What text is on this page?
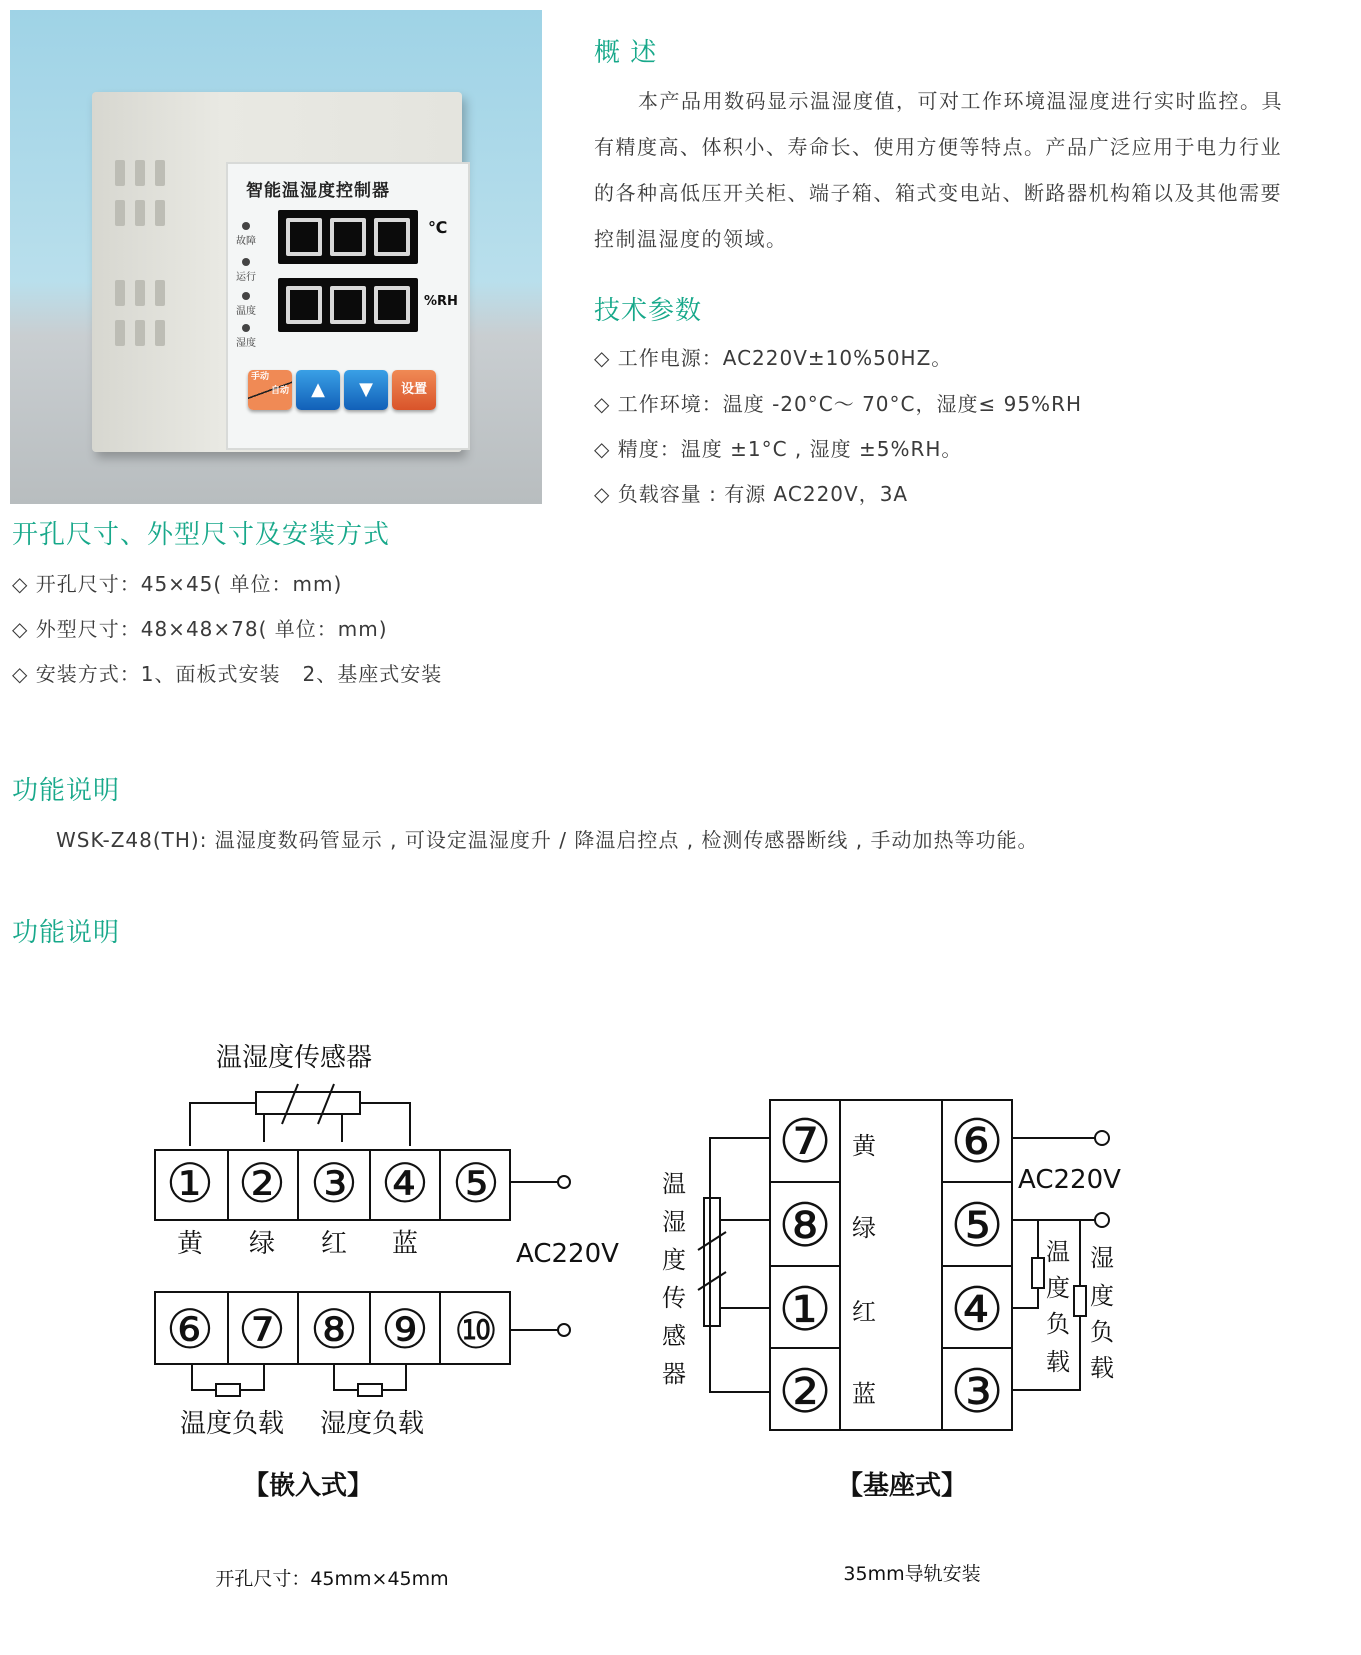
智能温湿度控制器
℃
%RH
故障
运行
温度
湿度
手动
自动	▲	▼	设置
概 述
本产品用数码显示温湿度值，可对工作环境温湿度进行实时监控。具有精度高、体积小、寿命长、使用方便等特点。产品广泛应用于电力行业的各种高低压开关柜、端子箱、箱式变电站、断路器机构箱以及其他需要控制温湿度的领域。
技术参数
◇ 工作电源：AC220V±10%50HZ。
◇ 工作环境：温度 -20°C～ 70°C，湿度≤ 95%RH
◇ 精度：温度 ±1°C , 湿度 ±5%RH。
◇ 负载容量 : 有源 AC220V，3A
开孔尺寸、外型尺寸及安装方式
◇ 开孔尺寸：45×45( 单位：mm)
◇ 外型尺寸：48×48×78( 单位：mm)
◇ 安装方式：1、面板式安装   2、基座式安装
功能说明
WSK-Z48(TH): 温湿度数码管显示 , 可设定温湿度升 / 降温启控点 , 检测传感器断线 , 手动加热等功能。
功能说明
温湿度传感器
① ② ③ ④ ⑤
黄 绿 红 蓝	AC220V
⑥ ⑦ ⑧ ⑨ ⑩
温度负载 湿度负载
【嵌入式】
开孔尺寸：45mm×45mm
温
湿
度
传
感
器
⑦
⑧
①
②
黄
绿
红
蓝
⑥
⑤
④
③
AC220V
温
度
负
载
湿
度
负
载
【基座式】
35mm导轨安装
